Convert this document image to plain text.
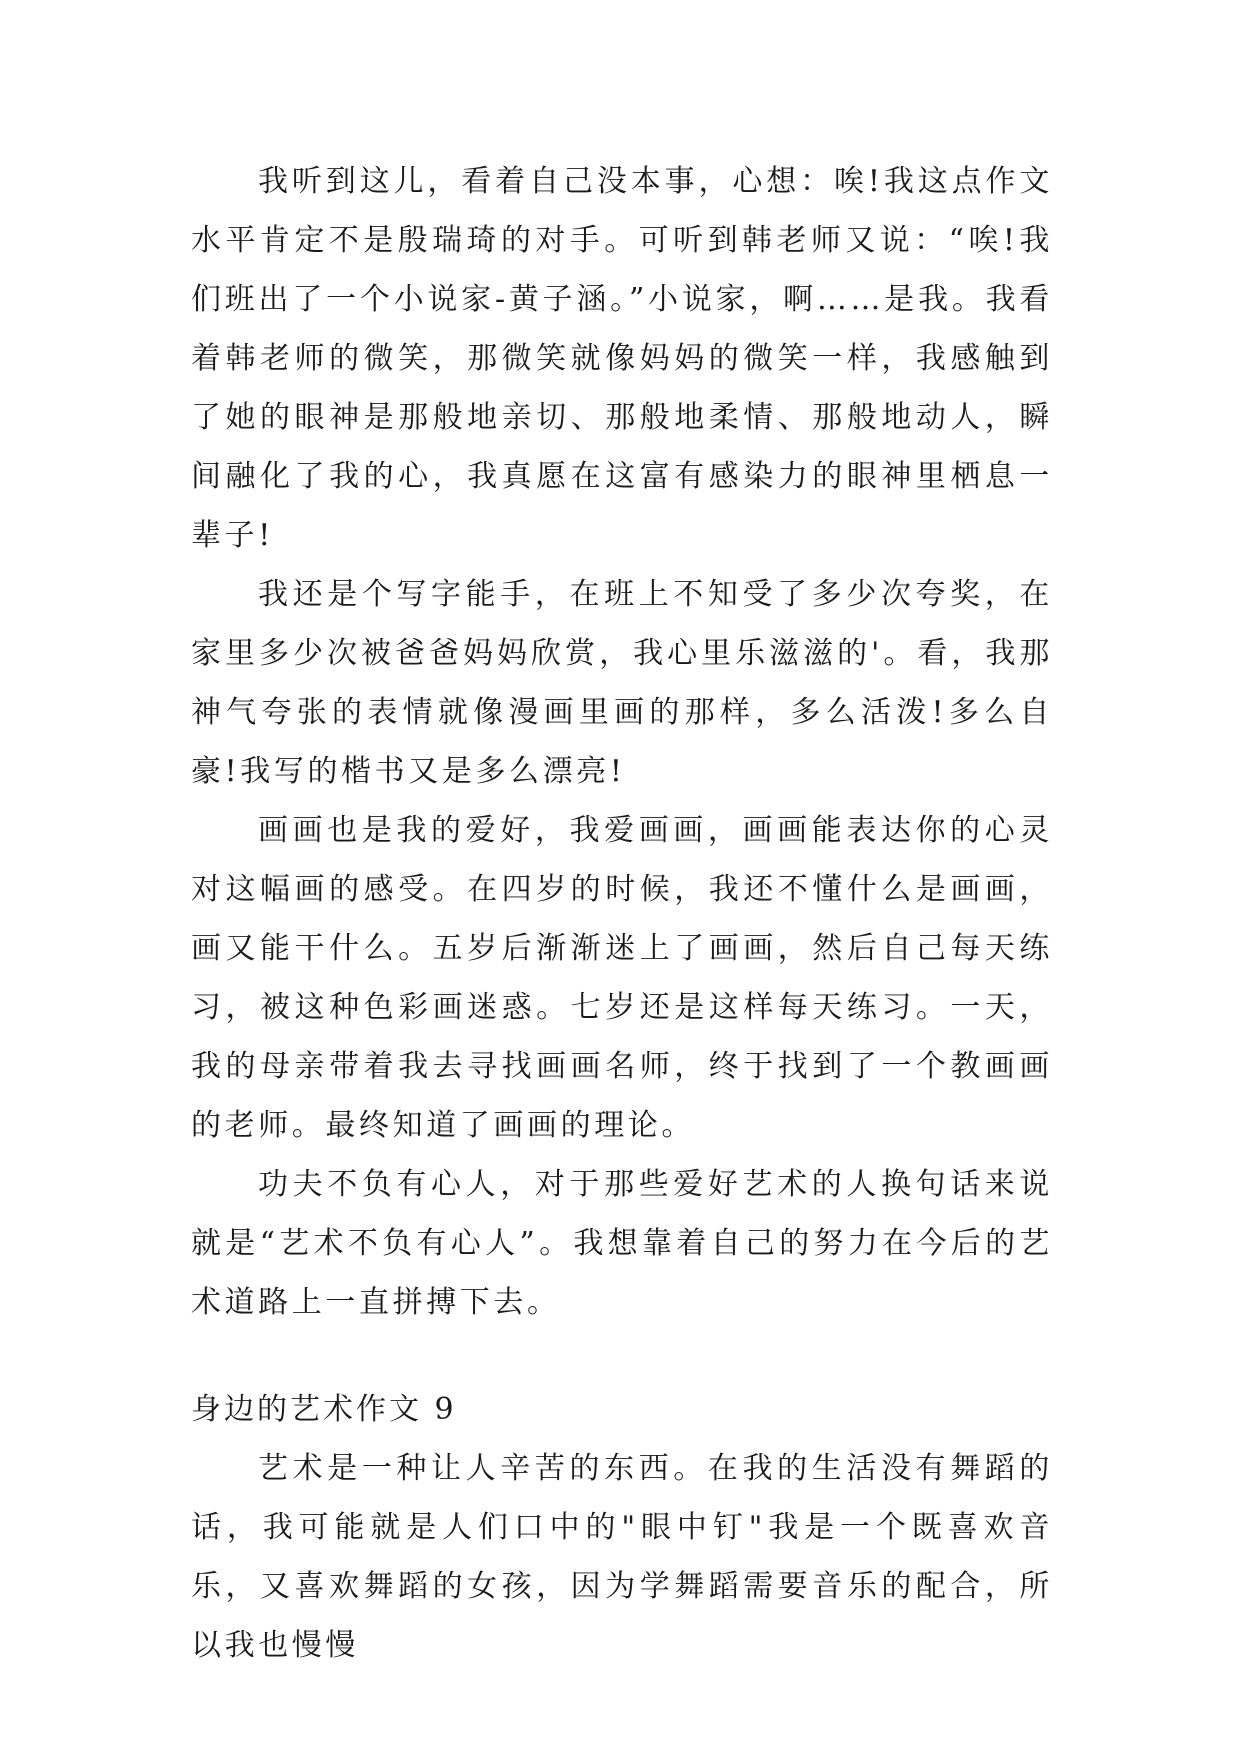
我听到这儿，看着自己没本事，心想：唉!我这点作文水平肯定不是殷瑞琦的对手。可听到韩老师又说：“唉!我们班出了一个小说家-黄子涵。”小说家，啊……是我。我看着韩老师的微笑，那微笑就像妈妈的微笑一样，我感触到了她的眼神是那般地亲切、那般地柔情、那般地动人，瞬间融化了我的心，我真愿在这富有感染力的眼神里栖息一辈子!

我还是个写字能手，在班上不知受了多少次夸奖，在家里多少次被爸爸妈妈欣赏，我心里乐滋滋的'。看，我那神气夸张的表情就像漫画里画的那样，多么活泼!多么自豪!我写的楷书又是多么漂亮!

画画也是我的爱好，我爱画画，画画能表达你的心灵对这幅画的感受。在四岁的时候，我还不懂什么是画画，画又能干什么。五岁后渐渐迷上了画画，然后自己每天练习，被这种色彩画迷惑。七岁还是这样每天练习。一天，我的母亲带着我去寻找画画名师，终于找到了一个教画画的老师。最终知道了画画的理论。

功夫不负有心人，对于那些爱好艺术的人换句话来说就是“艺术不负有心人”。我想靠着自己的努力在今后的艺术道路上一直拼搏下去。

身边的艺术作文 9

艺术是一种让人辛苦的东西。在我的生活没有舞蹈的话，我可能就是人们口中的"眼中钉"我是一个既喜欢音乐，又喜欢舞蹈的女孩，因为学舞蹈需要音乐的配合，所以我也慢慢
